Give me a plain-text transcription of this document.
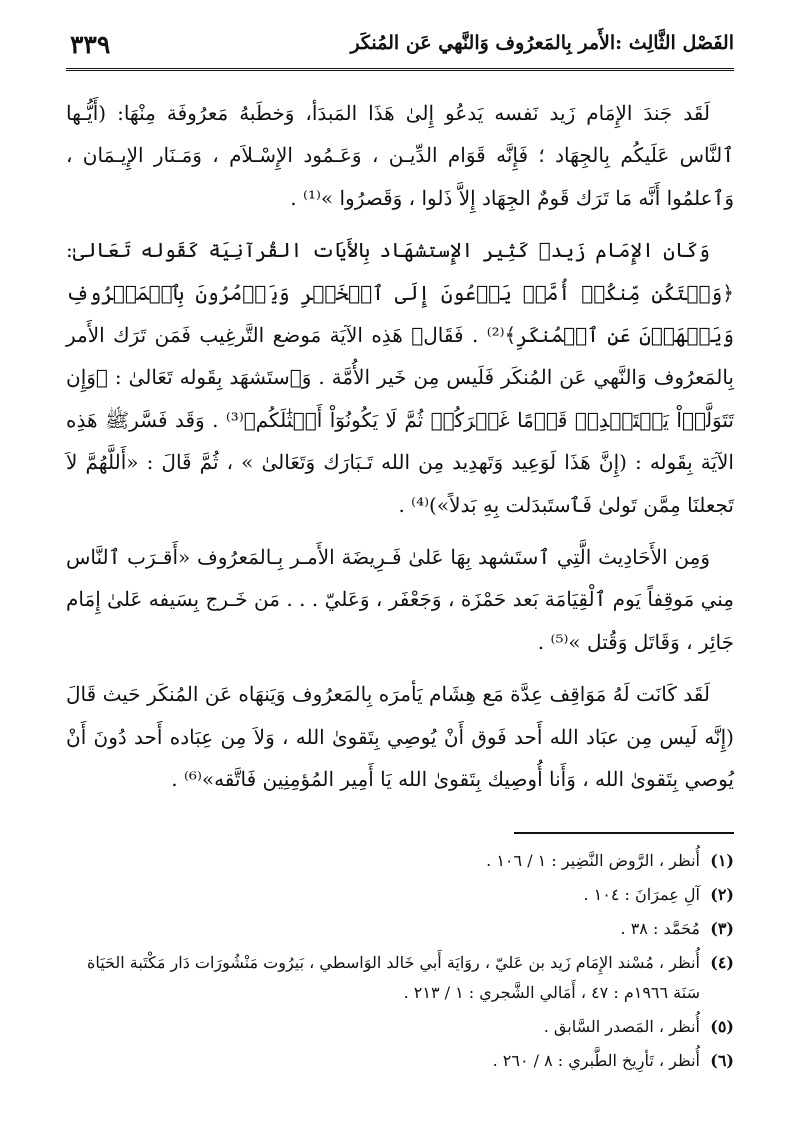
٣٣٩	الفَصْل الثَّالِث :الأَمر بِالمَعرُوف وَالنَّهي عَن المُنكَر

لَقَد جَندَ الإِمَام زَيد نَفسه يَدعُو إِلىٰ هَذَا المَبدَأ، وَخطَبهُ مَعرُوفَة مِنْهَا: (أَيُّـها ٱلنَّاس عَلَيكُم بِالجِهَاد ؛ فَإِنَّه قَوَام الدِّيـن ، وَعَـمُود الإِسْـلاَم ، وَمَـنَار الإِيـمَان ، وَٱعلمُوا أَنَّه مَا تَرَك قَومٌ الجِهَاد إِلاَّ ذَلوا ، وَقَصرُوا »⁽¹⁾ .

وَكَان الإِمَام زَيدﷺ كَثِير الإِستشهَاد بِالأَيَات القُرآنِيَة كَقَوله تَعَالىٰ: ﴿وَلۡتَكُن مِّنكُمۡ أُمَّةٞ يَدۡعُونَ إِلَى ٱلۡخَيۡرِ وَيَأۡمُرُونَ بِٱلۡمَعۡرُوفِ وَيَنۡهَوۡنَ عَنِ ٱلۡمُنكَرِ﴾⁽²⁾ . فَقَالﷺ هَذِه الآيَة مَوضع التَّرغِيب فَمَن تَرَك الأَمر بِالمَعرُوف وَالنَّهي عَن المُنكَر فَلَيس مِن خَير الأُمَّة . وَٱستَشهَد بِقَوله تَعَالىٰ : ﴿وَإِن تَتَوَلَّوۡاْ يَسۡتَبۡدِلۡ قَوۡمًا غَيۡرَكُمۡ ثُمَّ لَا يَكُونُوٓاْ أَمۡثَٰلَكُم﴾⁽³⁾ . وَقَد فَسَّرﷺ هَذِه الآيَة بِقَوله : (إِنَّ هَذَا لَوَعِيد وَتَهدِيد مِن الله تَـبَارَك وَتَعَالىٰ » ، ثُمَّ قَالَ : «أَللَّهُمَّ لاَ تَجعلنَا مِمَّن تَولىٰ فَٱستَبدَلت بِهِ بَدلاً»)⁽⁴⁾ .

وَمِن الأَحَادِيث الَّتِي ٱستَشهد بِهَا عَلىٰ فَـرِيضَة الأَمـر بِـالمَعرُوف «أَقـرَب ٱلنَّاس مِني مَوقِفاً يَوم ٱلْقِيَامَة بَعد حَمْزَة ، وَجَعْفَر ، وَعَليّ . . . مَن خَـرج بِسَيفه عَلىٰ إِمَام جَائِر ، وَقَاتَل وَقُتل »⁽⁵⁾ .

لَقَد كَانَت لَهُ مَوَاقِف عِدَّة مَع هِشَام يَأمرَه بِالمَعرُوف وَيَنهَاه عَن المُنكَر حَيث قَالَ (إِنَّه لَيس مِن عبَاد الله أَحد فَوق أَنْ يُوصِي بِتَقوىٰ الله ، وَلاَ مِن عِبَاده أَحد دُونَ أَنْ يُوصي بِتَقوىٰ الله ، وَأَنا أُوصِيك بِتَقوىٰ الله يَا أَمِير المُؤمِنِين فَاتَّقه»⁽⁶⁾ .

(١)
أُنظر ، الرَّوض النَّضِير : ١ / ١٠٦ .
(٢)
آلِ عِمرَانَ : ١٠٤ .
(٣)
مُحَمَّد : ٣٨ .
(٤)
أُنظر ، مُسْند الإِمَام زَيد بن عَليّ ، روَايَة أَبي خَالد الوَاسطي ، بَيرُوت مَنْشُورَات دَار مَكْتَبة الحَيَاة سَنَة ١٩٦٦م : ٤٧ ، أَمَالي الشَّجري : ١ / ٢١٣ .
(٥)
أُنظر ، المَصدر السَّابق .
(٦)
أُنظر ، تَأرِيخ الطَّبري : ٨ / ٢٦٠ .
